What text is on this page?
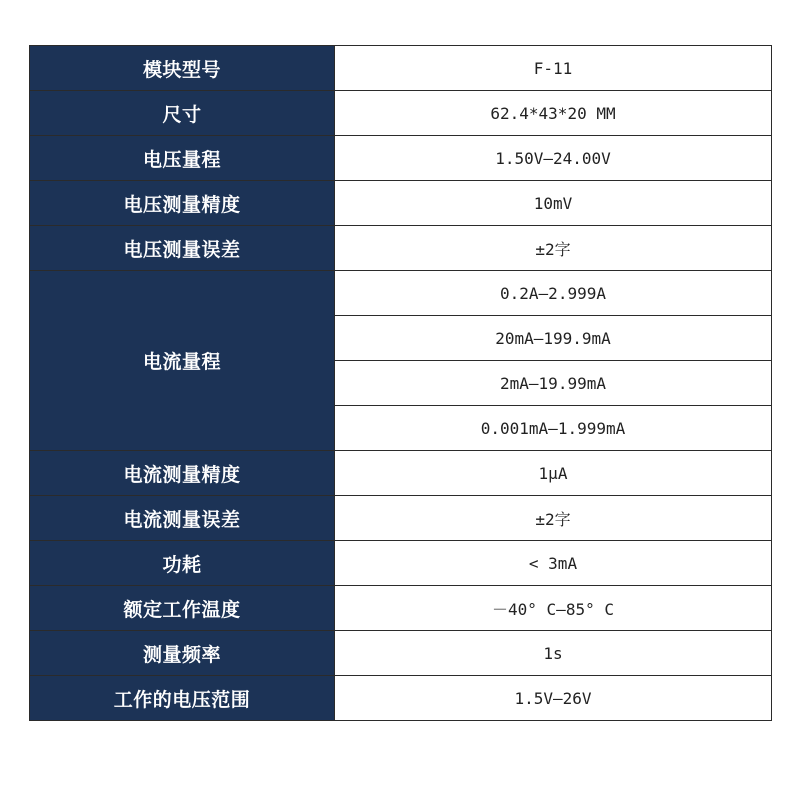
模块型号	F-11
尺寸	62.4*43*20 MM
电压量程	1.50V—24.00V
电压测量精度	10mV
电压测量误差	±2字
电流量程	0.2A—2.999A
	20mA—199.9mA
	2mA—19.99mA
	0.001mA—1.999mA
电流测量精度	1μA
电流测量误差	±2字
功耗	< 3mA
额定工作温度	－40° C—85° C
测量频率	1s
工作的电压范围	1.5V—26V
